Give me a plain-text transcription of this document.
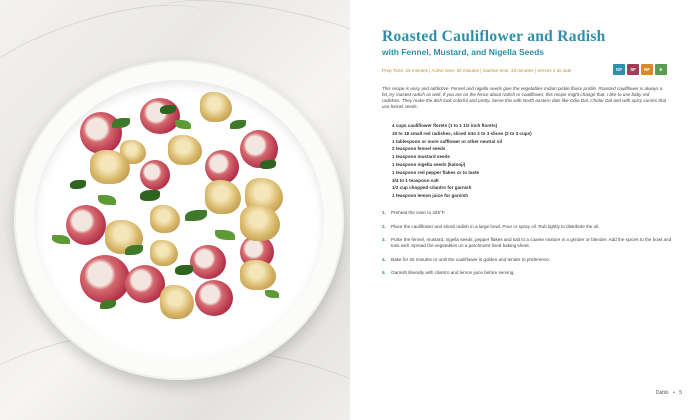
Roasted Cauliflower and Radish
with Fennel, Mustard, and Nigella Seeds
Prep Time: 20 minutes | Active time: 30 minutes | Inactive time: 20 minutes | Serves 4 as side	GF	SF	NF	E

This recipe is easy and addictive. Fennel and nigella seeds give the vegetables Indian pickle flavor profile. Roasted cauliflower is always a hit, try roasted radish as well. If you are on the fence about radish or cauliflower, this recipe might change that. I like to use baby red radishes. They make the dish look colorful and pretty. Serve this with North eastern dals like Odia Dal, Cholar Dal and with spicy curries that use fennel seeds.

4 cups cauliflower florets (1 to 1 1/2 inch florets)
15 to 18 small red radishes, sliced into 2 to 3 slices (2 to 3 cups)
1 tablespoon or more safflower or other neutral oil
2 teaspoon fennel seeds
1 teaspoon mustard seeds
1 teaspoon nigella seeds (kalonji)
1 teaspoon red pepper flakes or to taste
3/4 to 1 teaspoon salt
1/2 cup chopped cilantro for garnish
1 teaspoon lemon juice for garnish
1. Preheat the oven to 425°F.
2. Place the cauliflower and sliced radish in a large bowl. Pour or spray oil. Rub lightly to distribute the oil.
3. Pulse the fennel, mustard, nigella seeds, pepper flakes and salt to a coarse mixture in a grinder or blender. Add the spices to the bowl and toss well. Spread the vegetables on a parchment lined baking sheet.
4. Bake for 25 minutes or until the cauliflower is golden and tender to preference.
5. Garnish liberally with cilantro and lemon juice before serving.
Dahls • 5
